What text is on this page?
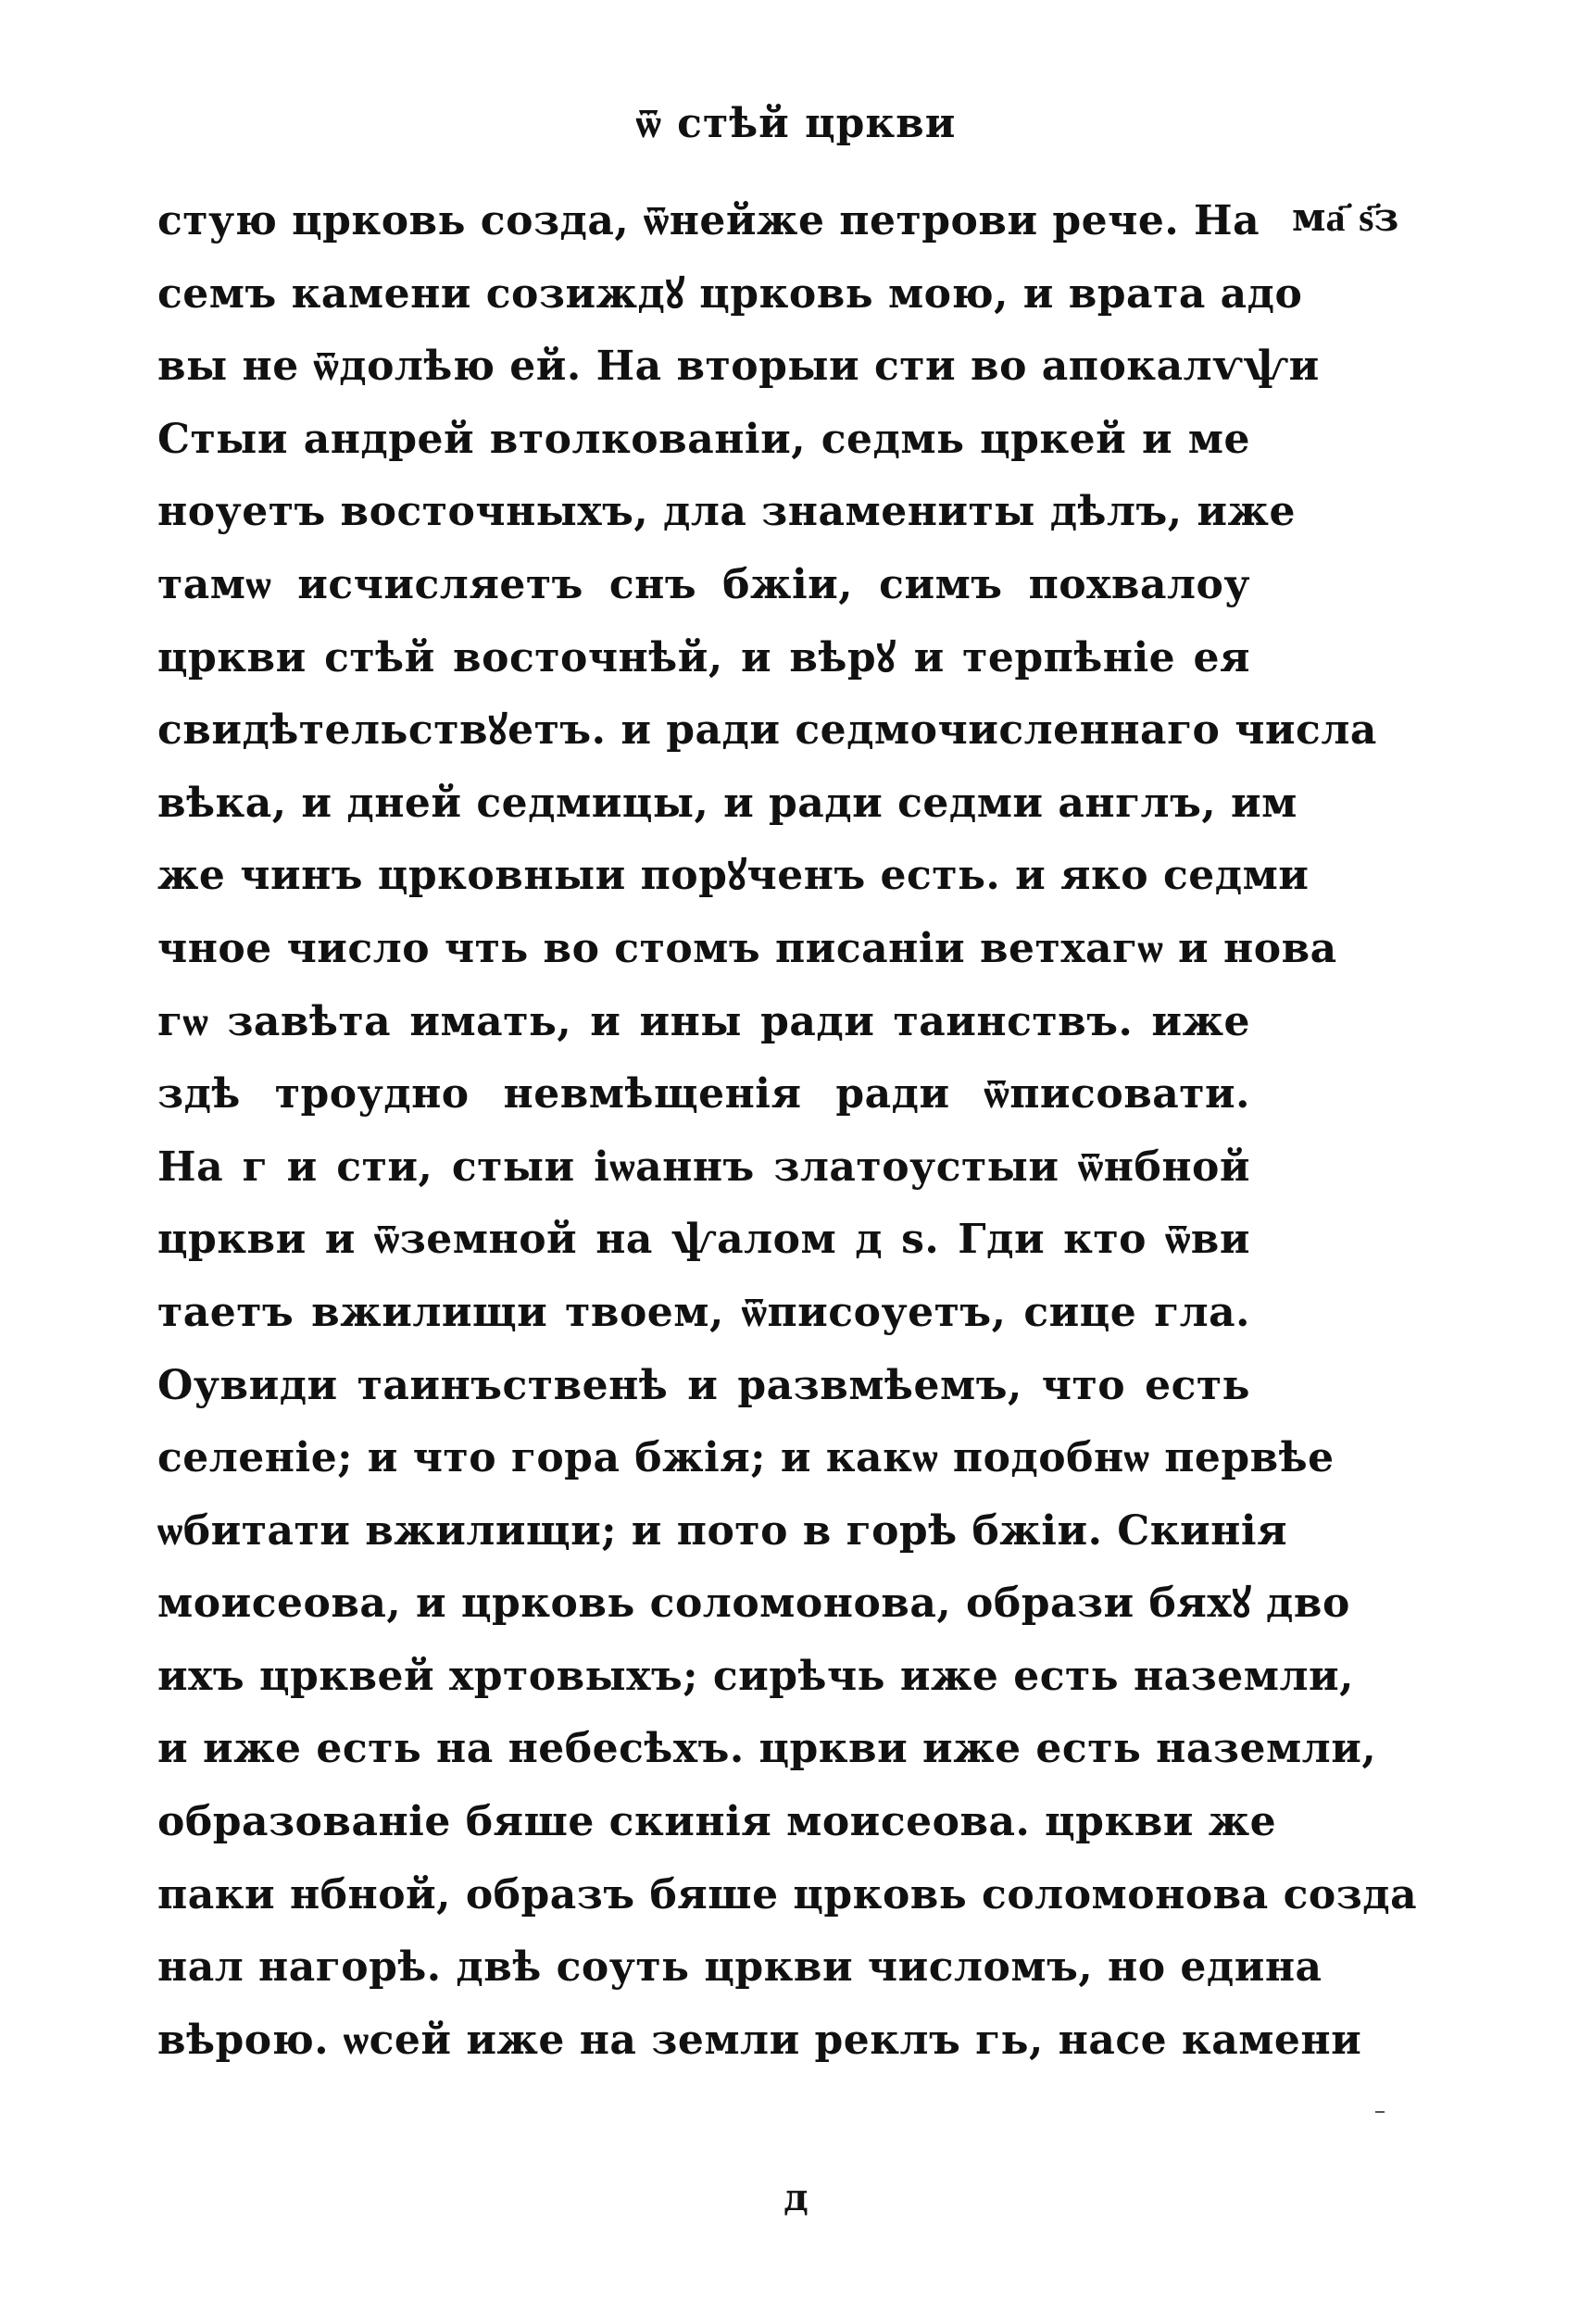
ѿ стѣй цркви
ма҃ ѕ҃з
стую црковь созда, ѿнейже петрови рече. На
семъ камени созиждꙋ црковь мою, и врата адо
вы не ѿдолѣю ей. На вторыи сти во апокалѵѱи
Стыи андрей втолкованіи, седмь цркей и ме
ноуетъ восточныхъ, дла знамениты дѣлъ, иже
тамѡ исчисляетъ снъ бжіи, симъ похвалоу
цркви стѣй восточнѣй, и вѣрꙋ и терпѣніе ея
свидѣтельствꙋетъ. и ради седмочисленнаго числа
вѣка, и дней седмицы, и ради седми англъ, им
же чинъ црковныи порꙋченъ есть. и яко седми
чное число чть во стомъ писаніи ветхагѡ и нова
гѡ завѣта имать, и ины ради таинствъ. иже
здѣ троудно невмѣщенія ради ѿписовати.
На г и сти, стыи іѡаннъ златоустыи ѿнбной
цркви и ѿземной на ѱалом д ѕ. Гди кто ѿви
таетъ вжилищи твоем, ѿписоуетъ, сице гла.
Оувиди таинъственѣ и развмѣемъ, что есть
селеніе; и что гора бжія; и какѡ подобнѡ первѣе
ѡбитати вжилищи; и пото в горѣ бжіи. Скинія
моисеова, и црковь соломонова, образи бяхꙋ дво
ихъ црквей хртовыхъ; сирѣчь иже есть наземли,
и иже есть на небесѣхъ. цркви иже есть наземли,
образованіе бяше скинія моисеова. цркви же
паки нбной, образъ бяше црковь соломонова созда
нал нагорѣ. двѣ соуть цркви числомъ, но едина
вѣрою. ѡсей иже на земли реклъ гь, насе камени
д
